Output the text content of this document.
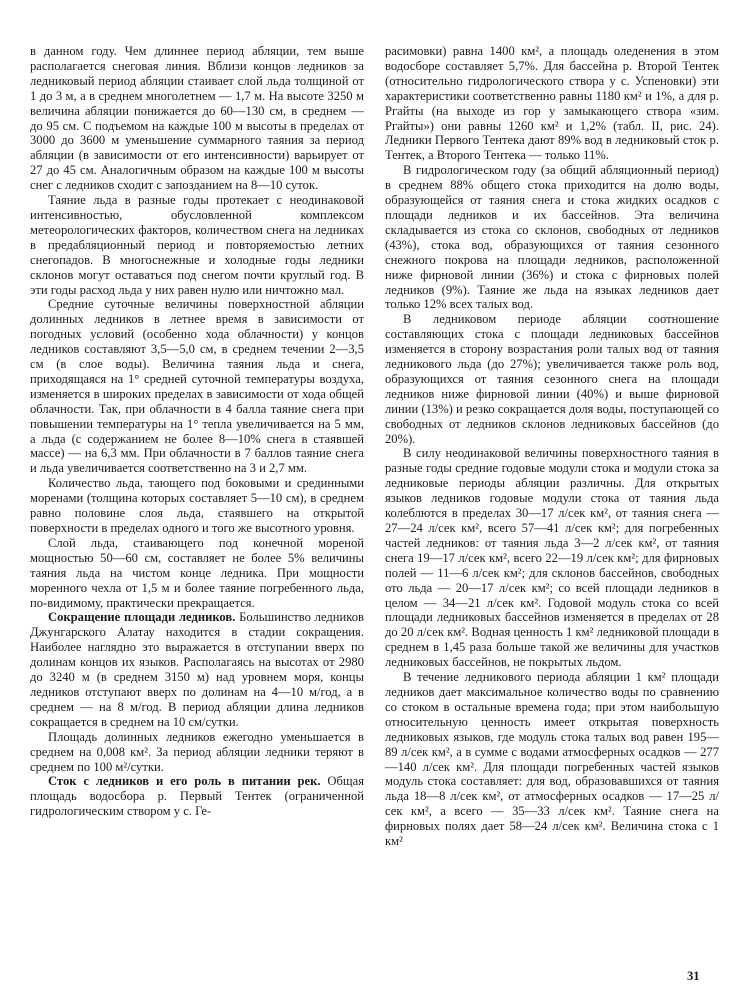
в данном году. Чем длиннее период абляции, тем выше располагается снеговая линия. Вблизи концов ледников за ледниковый период абляции стаивает слой льда толщиной от 1 до 3 м, а в среднем многолетнем — 1,7 м. На высоте 3250 м величина абляции понижается до 60—130 см, в среднем — до 95 см. С подъемом на каждые 100 м высоты в пределах от 3000 до 3600 м уменьшение суммарного таяния за период абляции (в зависимости от его интенсивности) варьирует от 27 до 45 см. Аналогичным образом на каждые 100 м высоты снег с ледников сходит с запозданием на 8—10 суток.

Таяние льда в разные годы протекает с неодинаковой интенсивностью, обусловленной комплексом метеорологических факторов, количеством снега на ледниках в предабляционный период и повторяемостью летних снегопадов. В многоснежные и холодные годы ледники склонов могут оставаться под снегом почти круглый год. В эти годы расход льда у них равен нулю или ничтожно мал.

Средние суточные величины поверхностной абляции долинных ледников в летнее время в зависимости от погодных условий (особенно хода облачности) у концов ледников составляют 3,5—5,0 см, в среднем течении 2—3,5 см (в слое воды). Величина таяния льда и снега, приходящаяся на 1° средней суточной температуры воздуха, изменяется в широких пределах в зависимости от хода общей облачности. Так, при облачности в 4 балла таяние снега при повышении температуры на 1° тепла увеличивается на 5 мм, а льда (с содержанием не более 8—10% снега в стаявшей массе) — на 6,3 мм. При облачности в 7 баллов таяние снега и льда увеличивается соответственно на 3 и 2,7 мм.

Количество льда, тающего под боковыми и срединными моренами (толщина которых составляет 5—10 см), в среднем равно половине слоя льда, стаявшего на открытой поверхности в пределах одного и того же высотного уровня.

Слой льда, стаивающего под конечной мореной мощностью 50—60 см, составляет не более 5% величины таяния льда на чистом конце ледника. При мощности моренного чехла от 1,5 м и более таяние погребенного льда, по-видимому, практически прекращается.

Сокращение площади ледников. Большинство ледников Джунгарского Алатау находится в стадии сокращения. Наиболее наглядно это выражается в отступании вверх по долинам концов их языков. Располагаясь на высотах от 2980 до 3240 м (в среднем 3150 м) над уровнем моря, концы ледников отступают вверх по долинам на 4—10 м/год, а в среднем — на 8 м/год. В период абляции длина ледников сокращается в среднем на 10 см/сутки.

Площадь долинных ледников ежегодно уменьшается в среднем на 0,008 км². За период абляции ледники теряют в среднем по 100 м²/сутки.

Сток с ледников и его роль в питании рек. Общая площадь водосбора р. Первый Тентек (ограниченной гидрологическим створом у с. Ге-

расимовки) равна 1400 км², а площадь оледенения в этом водосборе составляет 5,7%. Для бассейна р. Второй Тентек (относительно гидрологического створа у с. Успеновки) эти характеристики соответственно равны 1180 км² и 1%, а для р. Ргайты (на выходе из гор у замыкающего створа «зим. Ргайты») они равны 1260 км² и 1,2% (табл. II, рис. 24). Ледники Первого Тентека дают 89% вод в ледниковый сток р. Тентек, а Второго Тентека — только 11%.

В гидрологическом году (за общий абляционный период) в среднем 88% общего стока приходится на долю воды, образующейся от таяния снега и стока жидких осадков с площади ледников и их бассейнов. Эта величина складывается из стока со склонов, свободных от ледников (43%), стока вод, образующихся от таяния сезонного снежного покрова на площади ледников, расположенной ниже фирновой линии (36%) и стока с фирновых полей ледников (9%). Таяние же льда на языках ледников дает только 12% всех талых вод.

В ледниковом периоде абляции соотношение составляющих стока с площади ледниковых бассейнов изменяется в сторону возрастания роли талых вод от таяния ледникового льда (до 27%); увеличивается также роль вод, образующихся от таяния сезонного снега на площади ледников ниже фирновой линии (40%) и выше фирновой линии (13%) и резко сокращается доля воды, поступающей со свободных от ледников склонов ледниковых бассейнов (до 20%).

В силу неодинаковой величины поверхностного таяния в разные годы средние годовые модули стока и модули стока за ледниковые периоды абляции различны. Для открытых языков ледников годовые модули стока от таяния льда колеблются в пределах 30—17 л/сек км², от таяния снега — 27—24 л/сек км², всего 57—41 л/сек км²; для погребенных частей ледников: от таяния льда 3—2 л/сек км², от таяния снега 19—17 л/сек км², всего 22—19 л/сек км²; для фирновых полей — 11—6 л/сек км²; для склонов бассейнов, свободных ото льда — 20—17 л/сек км²; со всей площади ледников в целом — 34—21 л/сек км². Годовой модуль стока со всей площади ледниковых бассейнов изменяется в пределах от 28 до 20 л/сек км². Водная ценность 1 км² ледниковой площади в среднем в 1,45 раза больше такой же величины для участков ледниковых бассейнов, не покрытых льдом.

В течение ледникового периода абляции 1 км² площади ледников дает максимальное количество воды по сравнению со стоком в остальные времена года; при этом наибольшую относительную ценность имеет открытая поверхность ледниковых языков, где модуль стока талых вод равен 195—89 л/сек км², а в сумме с водами атмосферных осадков — 277—140 л/сек км². Для площади погребенных частей языков модуль стока составляет: для вод, образовавшихся от таяния льда 18—8 л/сек км², от атмосферных осадков — 17—25 л/сек км², а всего — 35—33 л/сек км². Таяние снега на фирновых полях дает 58—24 л/сек км². Величина стока с 1 км²

31
